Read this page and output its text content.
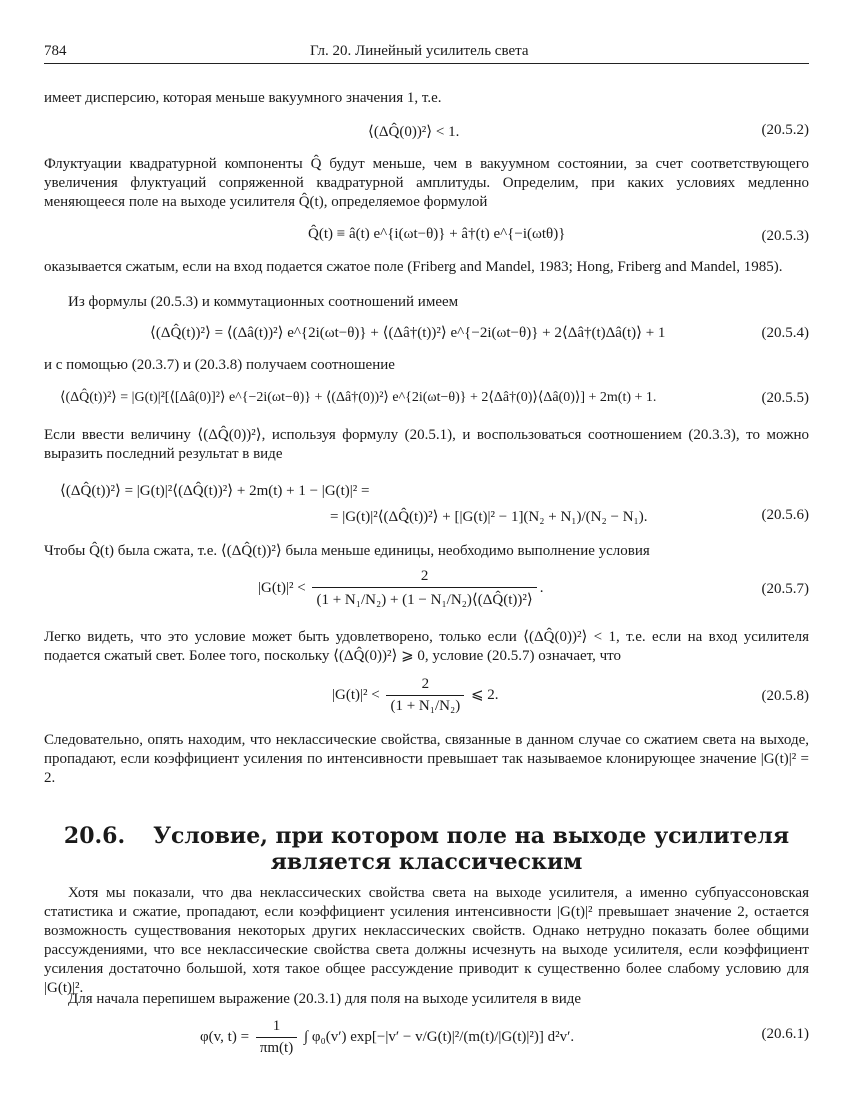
784	Гл. 20. Линейный усилитель света
имеет дисперсию, которая меньше вакуумного значения 1, т.е.
⟨(ΔQ̂(0))²⟩ < 1.	(20.5.2)
Флуктуации квадратурной компоненты Q̂ будут меньше, чем в вакуумном состоянии, за счет соответствующего увеличения флуктуаций сопряженной квадратурной амплитуды. Определим, при каких условиях медленно меняющееся поле на выходе усилителя Q̂(t), определяемое формулой
Q̂(t) ≡ â(t) e^{i(ωt−θ)} + â†(t) e^{−i(ωtθ)}	(20.5.3)
оказывается сжатым, если на вход подается сжатое поле (Friberg and Mandel, 1983; Hong, Friberg and Mandel, 1985).
Из формулы (20.5.3) и коммутационных соотношений имеем
⟨(ΔQ̂(t))²⟩ = ⟨(Δâ(t))²⟩ e^{2i(ωt−θ)} + ⟨(Δâ†(t))²⟩ e^{−2i(ωt−θ)} + 2⟨Δâ†(t)Δâ(t)⟩ + 1	(20.5.4)
и с помощью (20.3.7) и (20.3.8) получаем соотношение
⟨(ΔQ̂(t))²⟩ = |G(t)|²[⟨[Δâ(0)]²⟩ e^{−2i(ωt−θ)} + ⟨(Δâ†(0))²⟩ e^{2i(ωt−θ)} + 2⟨Δâ†(0)⟩⟨Δâ(0)⟩] + 2m(t) + 1.	(20.5.5)
Если ввести величину ⟨(ΔQ̂(0))²⟩, используя формулу (20.5.1), и воспользоваться соотношением (20.3.3), то можно выразить последний результат в виде
⟨(ΔQ̂(t))²⟩ = |G(t)|²⟨(ΔQ̂(t))²⟩ + 2m(t) + 1 − |G(t)|² =
= |G(t)|²⟨(ΔQ̂(t))²⟩ + [|G(t)|² − 1](N₂ + N₁)/(N₂ − N₁).	(20.5.6)
Чтобы Q̂(t) была сжата, т.е. ⟨(ΔQ̂(t))²⟩ была меньше единицы, необходимо выполнение условия
$|G(t)|^2 < \frac{2}{\text{(1 + N₁/N₂) + (1 − N₁/N₂)⟨(ΔQ̂(t))²⟩}}$ .	(20.5.7)
Легко видеть, что это условие может быть удовлетворено, только если ⟨(ΔQ̂(0))²⟩ < 1, т.е. если на вход усилителя подается сжатый свет. Более того, поскольку ⟨(ΔQ̂(0))²⟩ ⩾ 0, условие (20.5.7) означает, что
$|G(t)|^2 < \frac{2}{\text{(1 + N₁/N₂)}}$ ⩽ 2.	(20.5.8)
Следовательно, опять находим, что неклассические свойства, связанные в данном случае со сжатием света на выходе, пропадают, если коэффициент усиления по интенсивности превышает так называемое клонирующее значение |G(t)|² = 2.
20.6. Условие, при котором поле на выходе усилителя
является классическим
Хотя мы показали, что два неклассических свойства света на выходе усилителя, а именно субпуассоновская статистика и сжатие, пропадают, если коэффициент усиления интенсивности |G(t)|² превышает значение 2, остается возможность существования некоторых других неклассических свойств. Однако нетрудно показать более общими рассуждениями, что все неклассические свойства света должны исчезнуть на выходе усилителя, если коэффициент усиления достаточно большой, хотя такое общее рассуждение приводит к существенно более слабому условию для |G(t)|².
Для начала перепишем выражение (20.3.1) для поля на выходе усилителя в виде
φ(v, $t) = \frac{1}{\pi m(t)}$ ∫ φ₀(v′) exp[−|v′ − v/G(t)|²/(m(t)/|G(t)|²)] d²v′.	(20.6.1)
